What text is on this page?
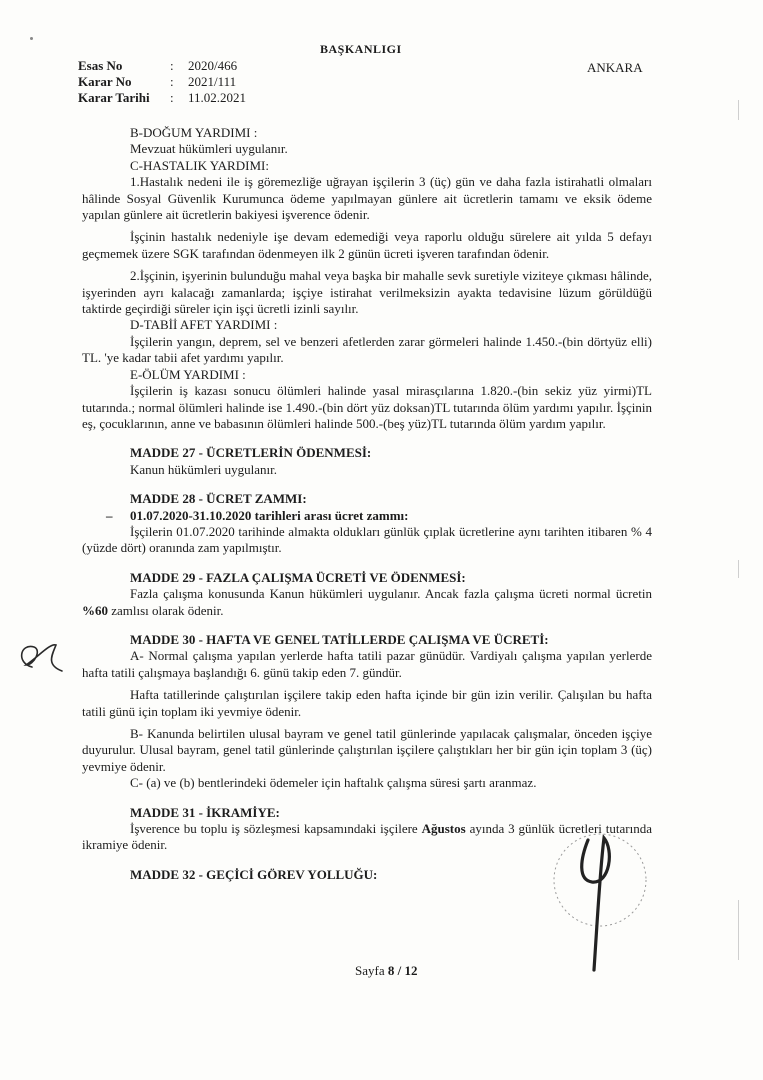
BAŞKANLIGI
ANKARA
Esas No	:	2020/466
Karar No	:	2021/111
Karar Tarihi	:	11.02.2021

B-DOĞUM YARDIMI :

Mevzuat hükümleri uygulanır.

C-HASTALIK YARDIMI:

1.Hastalık nedeni ile iş göremezliğe uğrayan işçilerin 3 (üç) gün ve daha fazla istirahatli olmaları hâlinde Sosyal Güvenlik Kurumunca ödeme yapılmayan günlere ait ücretlerin tamamı ve eksik ödeme yapılan günlere ait ücretlerin bakiyesi işverence ödenir.

İşçinin hastalık nedeniyle işe devam edemediği veya raporlu olduğu sürelere ait yılda 5 defayı geçmemek üzere SGK tarafından ödenmeyen ilk 2 günün ücreti işveren tarafından ödenir.

2.İşçinin, işyerinin bulunduğu mahal veya başka bir mahalle sevk suretiyle viziteye çıkması hâlinde, işyerinden ayrı kalacağı zamanlarda; işçiye istirahat verilmeksizin ayakta tedavisine lüzum görüldüğü taktirde geçirdiği süreler için işçi ücretli izinli sayılır.

D-TABİİ AFET YARDIMI :

İşçilerin yangın, deprem, sel ve benzeri afetlerden zarar görmeleri halinde 1.450.-(bin dörtyüz elli) TL. 'ye kadar tabii afet yardımı yapılır.

E-ÖLÜM YARDIMI :

İşçilerin iş kazası sonucu ölümleri halinde yasal mirasçılarına 1.820.-(bin sekiz yüz yirmi)TL tutarında.; normal ölümleri halinde ise 1.490.-(bin dört yüz doksan)TL tutarında ölüm yardımı yapılır. İşçinin eş, çocuklarının, anne ve babasının ölümleri halinde 500.-(beş yüz)TL tutarında ölüm yardım yapılır.

MADDE 27 - ÜCRETLERİN ÖDENMESİ:

Kanun hükümleri uygulanır.

MADDE 28 - ÜCRET ZAMMI:

– 01.07.2020-31.10.2020 tarihleri arası ücret zammı:

İşçilerin 01.07.2020 tarihinde almakta oldukları günlük çıplak ücretlerine aynı tarihten itibaren % 4 (yüzde dört) oranında zam yapılmıştır.

MADDE 29 - FAZLA ÇALIŞMA ÜCRETİ VE ÖDENMESİ:

Fazla çalışma konusunda Kanun hükümleri uygulanır. Ancak fazla çalışma ücreti normal ücretin %60 zamlısı olarak ödenir.

MADDE 30 - HAFTA VE GENEL TATİLLERDE ÇALIŞMA VE ÜCRETİ:

A- Normal çalışma yapılan yerlerde hafta tatili pazar günüdür. Vardiyalı çalışma yapılan yerlerde hafta tatili çalışmaya başlandığı 6. günü takip eden 7. gündür.

Hafta tatillerinde çalıştırılan işçilere takip eden hafta içinde bir gün izin verilir. Çalışılan bu hafta tatili günü için toplam iki yevmiye ödenir.

B- Kanunda belirtilen ulusal bayram ve genel tatil günlerinde yapılacak çalışmalar, önceden işçiye duyurulur. Ulusal bayram, genel tatil günlerinde çalıştırılan işçilere çalıştıkları her bir gün için toplam 3 (üç) yevmiye ödenir.

C- (a) ve (b) bentlerindeki ödemeler için haftalık çalışma süresi şartı aranmaz.

MADDE 31 - İKRAMİYE:

İşverence bu toplu iş sözleşmesi kapsamındaki işçilere Ağustos ayında 3 günlük ücretleri tutarında ikramiye ödenir.

MADDE 32 - GEÇİCİ GÖREV YOLLUĞU:

Sayfa 8 / 12
